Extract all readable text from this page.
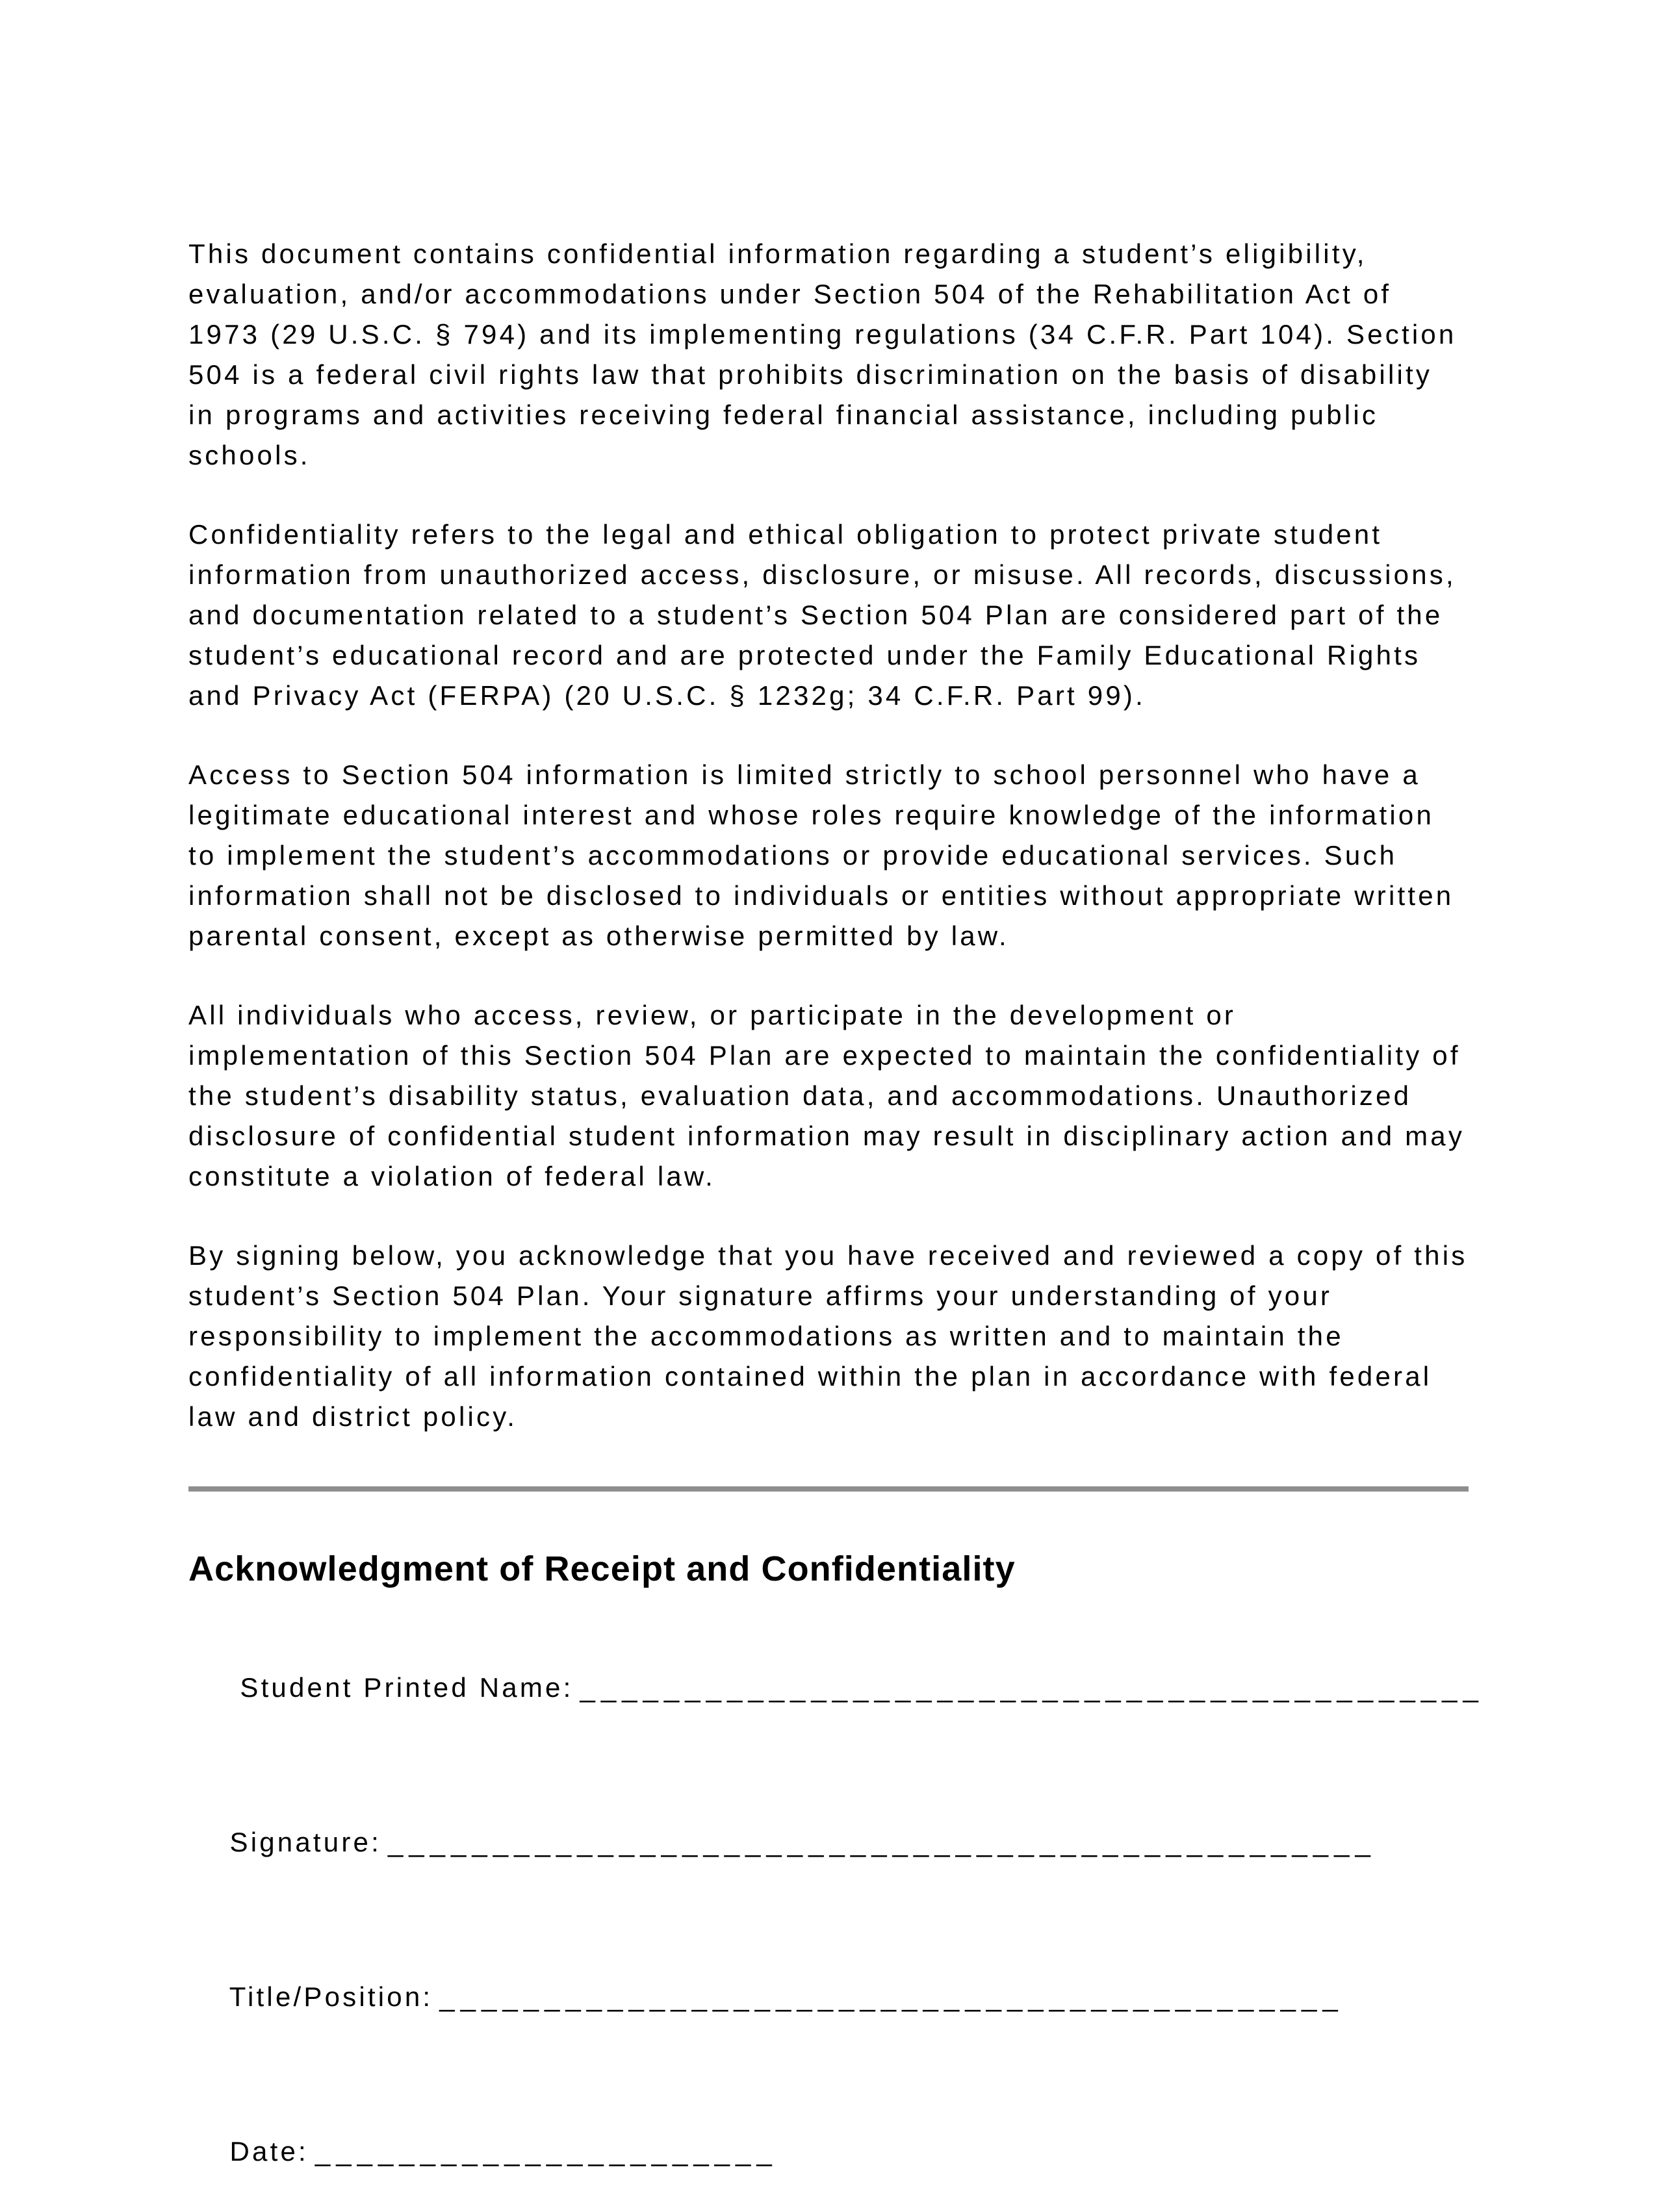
This document contains confidential information regarding a student’s eligibility, evaluation, and/or accommodations under Section 504 of the Rehabilitation Act of 1973 (29 U.S.C. § 794) and its implementing regulations (34 C.F.R. Part 104). Section 504 is a federal civil rights law that prohibits discrimination on the basis of disability in programs and activities receiving federal financial assistance, including public schools.

Confidentiality refers to the legal and ethical obligation to protect private student information from unauthorized access, disclosure, or misuse. All records, discussions, and documentation related to a student’s Section 504 Plan are considered part of the student’s educational record and are protected under the Family Educational Rights and Privacy Act (FERPA) (20 U.S.C. § 1232g; 34 C.F.R. Part 99).

Access to Section 504 information is limited strictly to school personnel who have a legitimate educational interest and whose roles require knowledge of the information to implement the student’s accommodations or provide educational services. Such information shall not be disclosed to individuals or entities without appropriate written parental consent, except as otherwise permitted by law.

All individuals who access, review, or participate in the development or implementation of this Section 504 Plan are expected to maintain the confidentiality of the student’s disability status, evaluation data, and accommodations. Unauthorized disclosure of confidential student information may result in disciplinary action and may constitute a violation of federal law.

By signing below, you acknowledge that you have received and reviewed a copy of this student’s Section 504 Plan. Your signature affirms your understanding of your responsibility to implement the accommodations as written and to maintain the confidentiality of all information contained within the plan in accordance with federal law and district policy.

Acknowledgment of Receipt and Confidentiality

Student Printed Name: ___________________________________________

Signature: _______________________________________________

Title/Position: ___________________________________________

Date: ______________________
